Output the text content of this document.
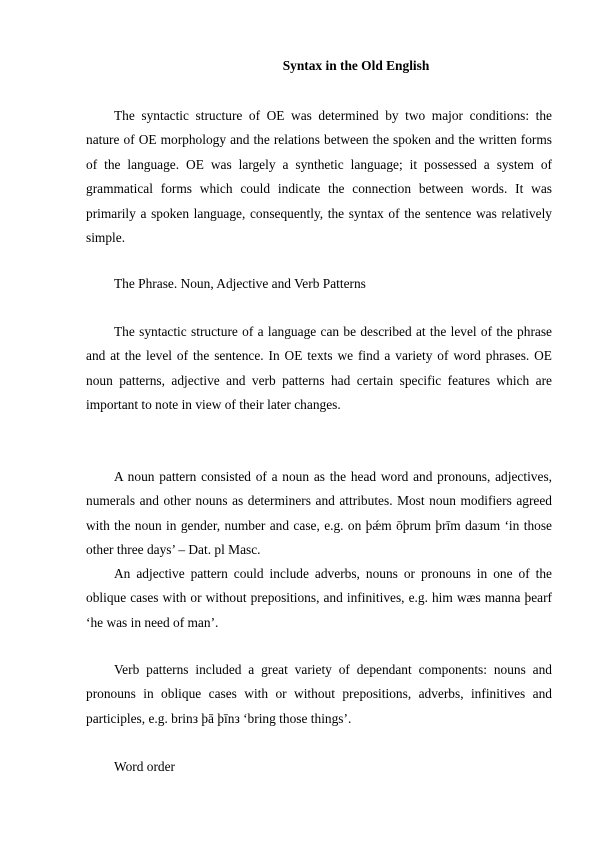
Syntax in the Old English

The syntactic structure of OE was determined by two major conditions: the nature of OE morphology and the relations between the spoken and the written forms of the language. OE was largely a synthetic language; it possessed a system of grammatical forms which could indicate the connection between words. It was primarily a spoken language, consequently, the syntax of the sentence was relatively simple.

The Phrase. Noun, Adjective and Verb Patterns

The syntactic structure of a language can be described at the level of the phrase and at the level of the sentence. In OE texts we find a variety of word phrases. OE noun patterns, adjective and verb patterns had certain specific features which are important to note in view of their later changes.

A noun pattern consisted of a noun as the head word and pronouns, adjectives, numerals and other nouns as determiners and attributes. Most noun modifiers agreed with the noun in gender, number and case, e.g. on þǽm ōþrum þrīm daзum ‘in those other three days’ – Dat. pl Masc.

An adjective pattern could include adverbs, nouns or pronouns in one of the oblique cases with or without prepositions, and infinitives, e.g. him wæs manna þearf ‘he was in need of man’.

Verb patterns included a great variety of dependant components: nouns and pronouns in oblique cases with or without prepositions, adverbs, infinitives and participles, e.g. brinз þā þīnз ‘bring those things’.

Word order
